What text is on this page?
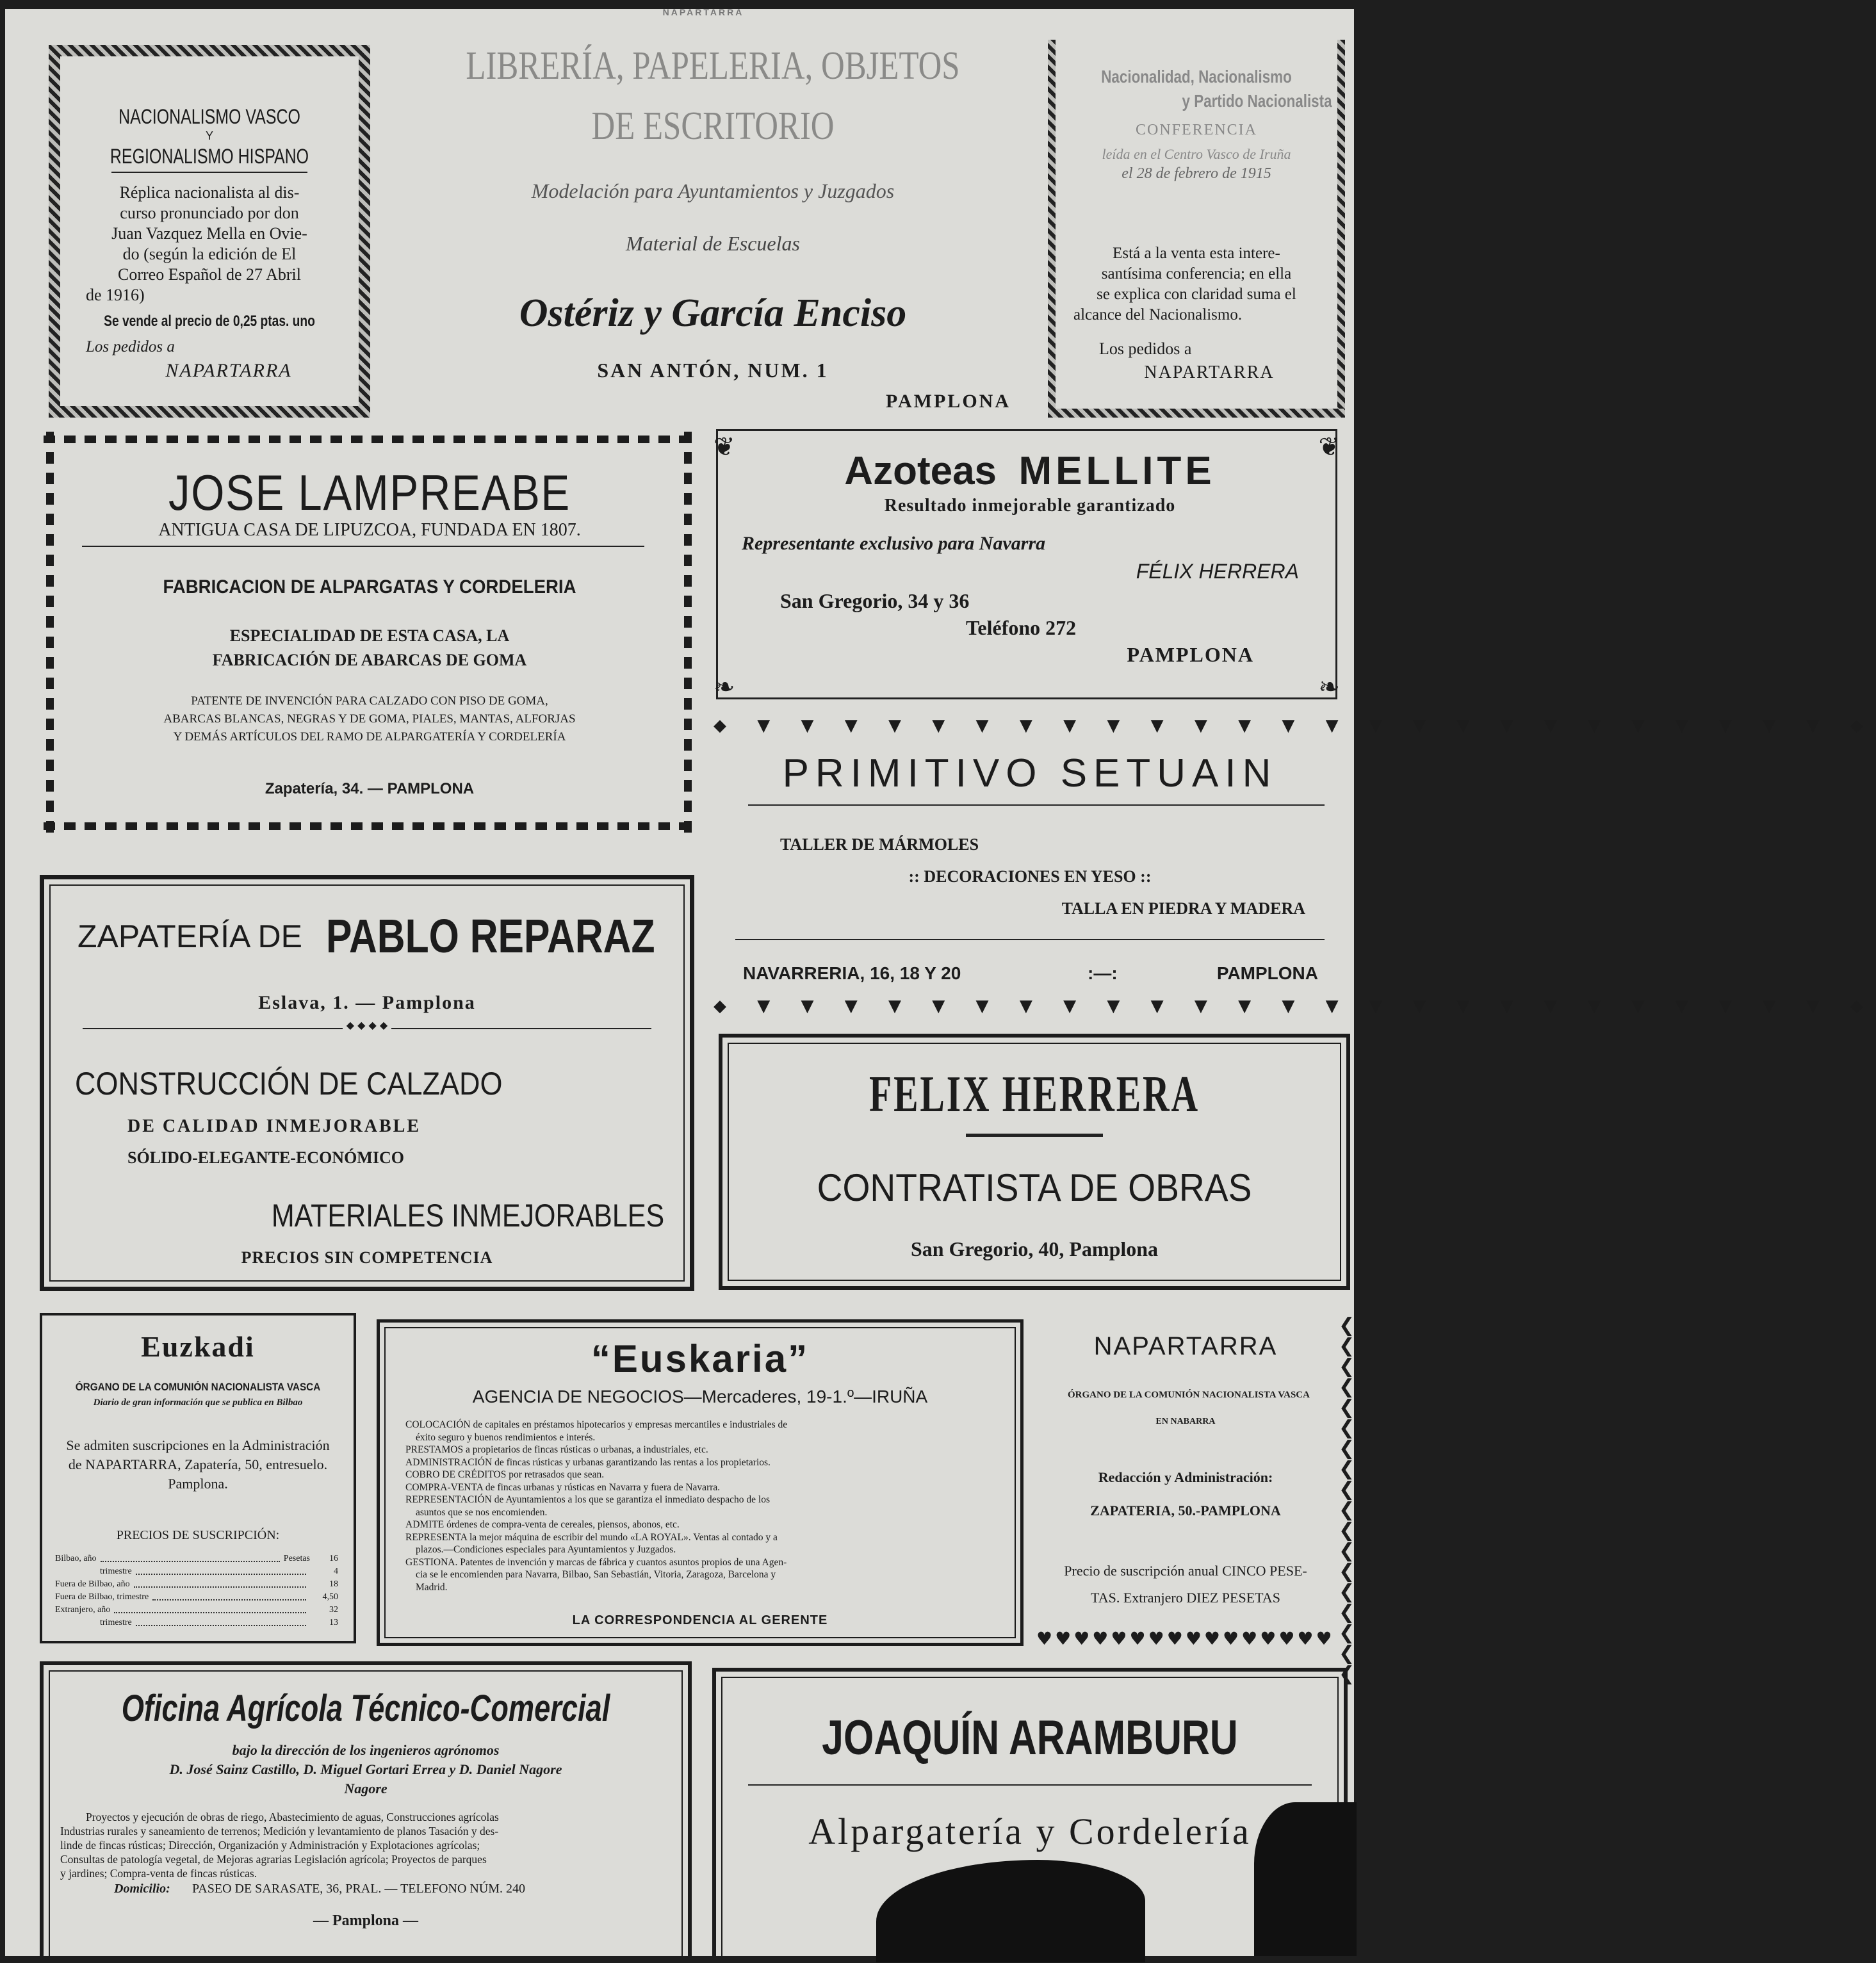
NAPARTARRA
NACIONALISMO VASCO
Y
REGIONALISMO HISPANO
Réplica nacionalista al dis-
curso pronunciado por don
Juan Vazquez Mella en Ovie-
do (según la edición de El
Correo Español de 27 Abril
de 1916)
Se vende al precio de 0,25 ptas. uno
Los pedidos a
NAPARTARRA
LIBRERÍA, PAPELERIA, OBJETOS
DE ESCRITORIO
Modelación para Ayuntamientos y Juzgados
Material de Escuelas
Ostériz y García Enciso
SAN ANTÓN, NUM. 1
PAMPLONA
Nacionalidad, Nacionalismo
y Partido Nacionalista
CONFERENCIA
leída en el Centro Vasco de Iruña
el 28 de febrero de 1915
Está a la venta esta intere-
santísima conferencia; en ella
se explica con claridad suma el
alcance del Nacionalismo.
Los pedidos a
NAPARTARRA
JOSE LAMPREABE
ANTIGUA CASA DE LIPUZCOA, FUNDADA EN 1807.
FABRICACION DE ALPARGATAS Y CORDELERIA
ESPECIALIDAD DE ESTA CASA, LA
FABRICACIÓN DE ABARCAS DE GOMA
PATENTE DE INVENCIÓN PARA CALZADO CON PISO DE GOMA,
ABARCAS BLANCAS, NEGRAS Y DE GOMA, PIALES, MANTAS, ALFORJAS
Y DEMÁS ARTÍCULOS DEL RAMO DE ALPARGATERÍA Y CORDELERÍA
Zapatería, 34. — PAMPLONA
❦	❦
❧	❧
Azoteas MELLITE
Resultado inmejorable garantizado
Representante exclusivo para Navarra
FÉLIX HERRERA
San Gregorio, 34 y 36
Teléfono 272
PAMPLONA
◆ ▼ ▼ ▼ ▼ ▼ ▼ ▼ ▼ ▼ ▼ ▼ ▼ ▼ ▼ ▼ ▼ ▼ ▼ ▼ ▼ ▼ ▼ ▼ ▼ ▼ ◆
◆ ▼ ▼ ▼ ▼ ▼ ▼ ▼ ▼ ▼ ▼ ▼ ▼ ▼ ▼ ▼ ▼ ▼ ▼ ▼ ▼ ▼ ▼ ▼ ▼ ▼ ◆
PRIMITIVO SETUAIN
TALLER DE MÁRMOLES
:: DECORACIONES EN YESO ::
TALLA EN PIEDRA Y MADERA
NAVARRERIA, 16, 18 Y 20	:—:	PAMPLONA
ZAPATERÍA DE PABLO REPARAZ
Eslava, 1. — Pamplona
◆ ◆ ◆ ◆
CONSTRUCCIÓN DE CALZADO
DE CALIDAD INMEJORABLE
SÓLIDO-ELEGANTE-ECONÓMICO
MATERIALES INMEJORABLES
PRECIOS SIN COMPETENCIA
FELIX HERRERA
CONTRATISTA DE OBRAS
San Gregorio, 40, Pamplona
Euzkadi
ÓRGANO DE LA COMUNIÓN NACIONALISTA VASCA
Diario de gran información que se publica en Bilbao
Se admiten suscripciones en la Administración
de NAPARTARRA, Zapatería, 50, entresuelo.
Pamplona.
PRECIOS DE SUSCRIPCIÓN:
Bilbao, año	Pesetas	16
trimestre	4
Fuera de Bilbao, año	18
Fuera de Bilbao, trimestre	4,50
Extranjero, año	32
trimestre	13
“Euskaria”
AGENCIA DE NEGOCIOS—Mercaderes, 19-1.º—IRUÑA
COLOCACIÓN de capitales en préstamos hipotecarios y empresas mercantiles e industriales de
éxito seguro y buenos rendimientos e interés.
PRESTAMOS a propietarios de fincas rústicas o urbanas, a industriales, etc.
ADMINISTRACIÓN de fincas rústicas y urbanas garantizando las rentas a los propietarios.
COBRO DE CRÉDITOS por retrasados que sean.
COMPRA-VENTA de fincas urbanas y rústicas en Navarra y fuera de Navarra.
REPRESENTACIÓN de Ayuntamientos a los que se garantiza el inmediato despacho de los
asuntos que se nos encomienden.
ADMITE órdenes de compra-venta de cereales, piensos, abonos, etc.
REPRESENTA la mejor máquina de escribir del mundo «LA ROYAL». Ventas al contado y a
plazos.—Condiciones especiales para Ayuntamientos y Juzgados.
GESTIONA. Patentes de invención y marcas de fábrica y cuantos asuntos propios de una Agen-
cia se le encomienden para Navarra, Bilbao, San Sebastián, Vitoria, Zaragoza, Barcelona y
Madrid.
LA CORRESPONDENCIA AL GERENTE
❮
❮
❮
❮
❮
❮
❮
❮
❮
❮
❮
❮
❮
❮
❮
❮
❮
❮
♥♥♥♥♥♥♥♥♥♥♥♥♥♥♥♥
NAPARTARRA
ÓRGANO DE LA COMUNIÓN NACIONALISTA VASCA
EN NABARRA
Redacción y Administración:
ZAPATERIA, 50.-PAMPLONA
Precio de suscripción anual CINCO PESE-
TAS. Extranjero DIEZ PESETAS
Oficina Agrícola Técnico-Comercial
bajo la dirección de los ingenieros agrónomos
D. José Sainz Castillo, D. Miguel Gortari Errea y D. Daniel Nagore
Nagore
Proyectos y ejecución de obras de riego, Abastecimiento de aguas, Construcciones agrícolas
Industrias rurales y saneamiento de terrenos; Medición y levantamiento de planos Tasación y des-
linde de fincas rústicas; Dirección, Organización y Administración y Explotaciones agrícolas;
Consultas de patología vegetal, de Mejoras agrarias Legislación agrícola; Proyectos de parques
y jardines; Compra-venta de fincas rústicas.
Domicilio: PASEO DE SARASATE, 36, PRAL. — TELEFONO NÚM. 240
— Pamplona —
JOAQUÍN ARAMBURU
Alpargatería y Cordelería
